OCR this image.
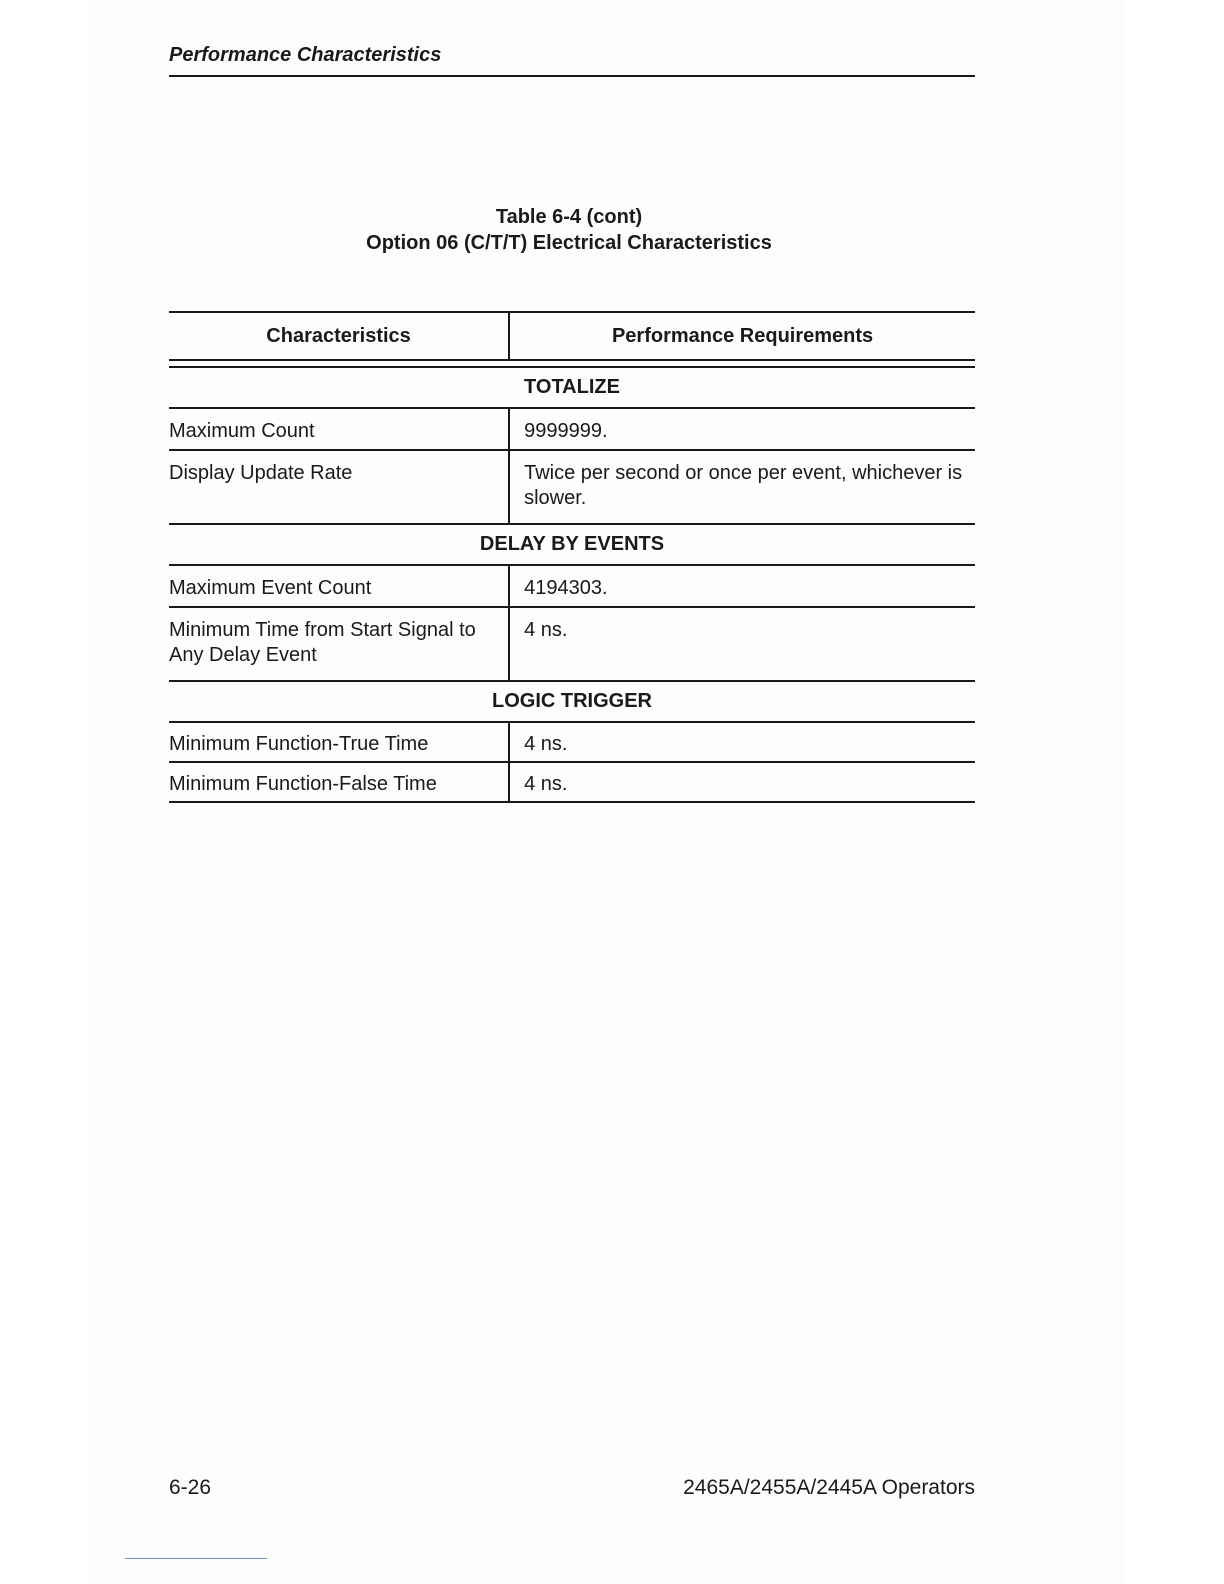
Performance Characteristics
Table 6-4 (cont)
Option 06 (C/T/T) Electrical Characteristics
Characteristics	Performance Requirements

TOTALIZE	
Maximum Count	9999999.
Display Update Rate	Twice per second or once per event, whichever is slower.
DELAY BY EVENTS	
Maximum Event Count	4194303.
Minimum Time from Start Signal to Any Delay Event	4 ns.
LOGIC TRIGGER	
Minimum Function-True Time	4 ns.
Minimum Function-False Time	4 ns.
6-26	2465A/2455A/2445A Operators
